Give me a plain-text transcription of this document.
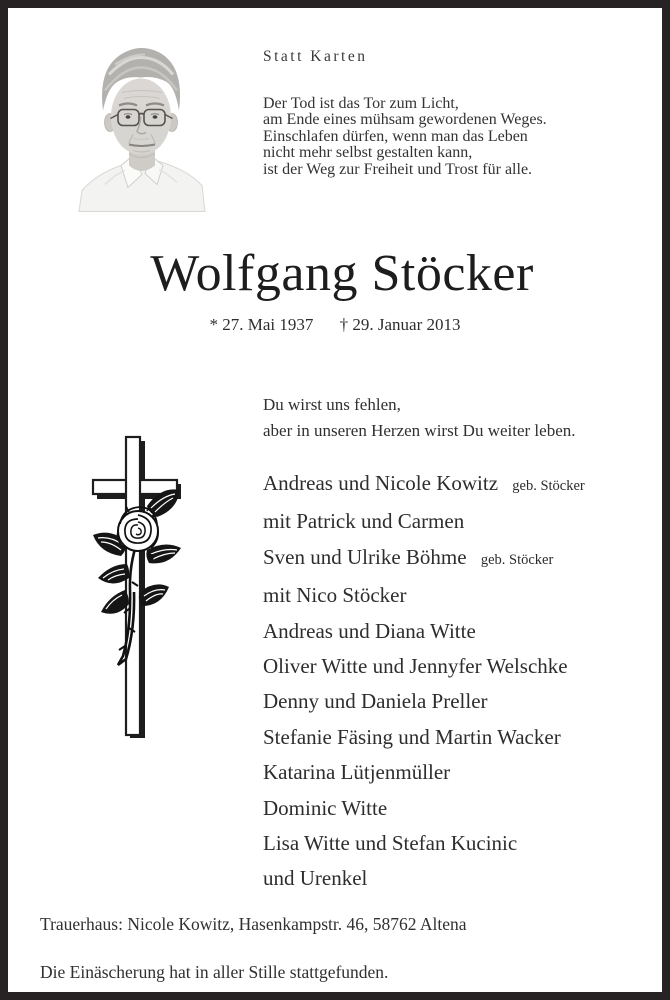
Statt Karten
Der Tod ist das Tor zum Licht,
am Ende eines mühsam gewordenen Weges.
Einschlafen dürfen, wenn man das Leben
nicht mehr selbst gestalten kann,
ist der Weg zur Freiheit und Trost für alle.
Wolfgang Stöcker
* 27. Mai 1937 † 29. Januar 2013
Du wirst uns fehlen,
aber in unseren Herzen wirst Du weiter leben.
Andreas und Nicole Kowitz geb. Stöcker
mit Patrick und Carmen
Sven und Ulrike Böhme geb. Stöcker
mit Nico Stöcker
Andreas und Diana Witte
Oliver Witte und Jennyfer Welschke
Denny und Daniela Preller
Stefanie Fäsing und Martin Wacker
Katarina Lütjenmüller
Dominic Witte
Lisa Witte und Stefan Kucinic
und Urenkel
Trauerhaus: Nicole Kowitz, Hasenkampstr. 46, 58762 Altena
Die Einäscherung hat in aller Stille stattgefunden.
